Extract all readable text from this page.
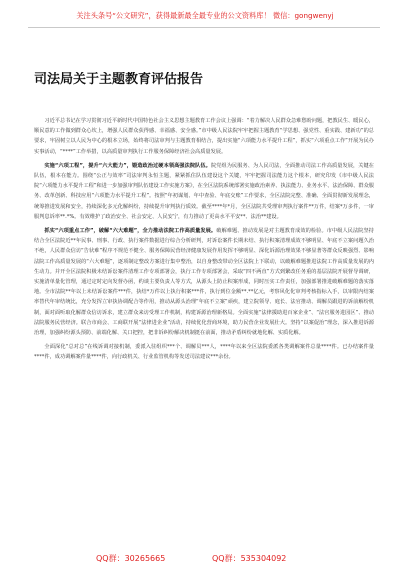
关注头条号“公文研究”，获得最新最全最专业的公文资料库！ 微信：gongwenyj
司法局关于主题教育评估报告

习近平总书记在学习贯彻习近平新时代中国特色社会主义思想主题教育工作会议上强调：“着力解决人民群众急难愁盼问题，把教民生、暖民心，顺民意的工作做到群众心坎上，增强人民群众获得感、幸福感、安全感。”市中级人民法院牢牢把握主题教育“学思想、强党性、重实践、建新功”的总要求，牢固树立以人民为中心的根本立场，始终将司法审判与主题教育相结合，提出实施“六项能力水平提升工程”，抓实“六项重点工作”开展为民办实事活动，“****”工作举措，以高质量审判执行工作服务保障经济社会高质量发展。

实施“六项工程”，提升“六大能力”，锻造政治过硬本领高强法院队伍。院党组为民服务、为人民司法，全面推动司法工作高质量发展，关键在队伍，根本在能力。围绕“公正与效率”司法审判永恒主题，紧紧抓住队伍建设这个关键，牢牢把握司法能力这个根本，研究印发《市中级人民法院“六项能力水平提升工程”和进一步加强审判队伍建设工作实施方案》，在全区法院系统部署实施政治素养、执法能力、业务水平、法治保障、群众服务、改革创新、科技应用“六项能力水平提升工程”。按照“年初谋划、年中查验、年底交账”工作要求，全区法院完整、准确、全面贯彻新发展理念，统筹推进发展和安全，持续深化多元化解纠纷，持续提升审判执行质效。截至****年*月，全区法院共受理审判执行案件**万件，结案*万多件，一审服判息诉率**.*%。有效维护了政治安全、社会安定、人民安宁，有力推动了更高水平平安**、法治**建设。

抓实“六项重点工作”，破解“六大难题”，全力推动法院工作高质量发展。破解难题、推动发展是对主题教育成效的检验。市中级人民法院坚持结合全区法院近**年民事、刑事、行政、执行案件数据进行综合分析研判，对诉讼案件长期未结、执行积案清理成效不够明显、年底不立案问题久治不绝，人民群众信访“告状难”程序不规范不健全、服务保障民营经济健康发展作用发挥不够明显、深化诉源治理效果不够显著等群众反映强烈、影响法院工作高质量发展的“六大难题”，逐项制定整改方案进行集中整治，以自身整改带动全区法院上下联动，以破解难题推进法院工作高质量发展的内生动力。并开全区法院积极未结诉讼案件清理工作专项部署会，执行工作专项部署会，采取“四不两直”方式到繁改任务重的基层法院开展督导调研，实施清单量化管理，通过定时定向发督办函，约谈主要负责人等方式，从源头上防止积案形成，同时压实工作责任，加强部署推进破解难题的落实落地。全市法院**年以上未结诉讼案件***件，执结*万件以上执行积案***件，执行到位金额**.**亿元，考察风化化审判考核指标入手，以审限内结案率替代年审结统比，充分发挥立审执协调配合等作用，推动从源头治理“年底不立案”顽疾，建立院领导、庭长、法官推动、调解员跟进的诉前解纷机制，面对面听取化解群众信访诉求，建立群众来访受理工作机制，构建诉源治理新格局。全面实施“法律援助进百家企业”、“法官服务进园区”、推动法院服务民营经济。联合市商会、工商联开展“法律进企业”活动，持续优化营商环境，助力民营企业发展壮大。坚持“以案促治”理念，深入推进诉源治理，加强纠纷源头预防、前端化解、关口把控，把非诉纠纷解决机制挺在前面，推动矛盾纠纷就地化解、实质化解。

全面深化“总对总”在线诉调对接机制，委派入驻组织***个、调解员***人，****年以来全区法院委派各类调解案件总量****件。已办结案件量****件，成功调解案件量****件，向行政机关、行业监管机构等发送司法建议***余份。

QQ群：30265665	QQ群：535304092
